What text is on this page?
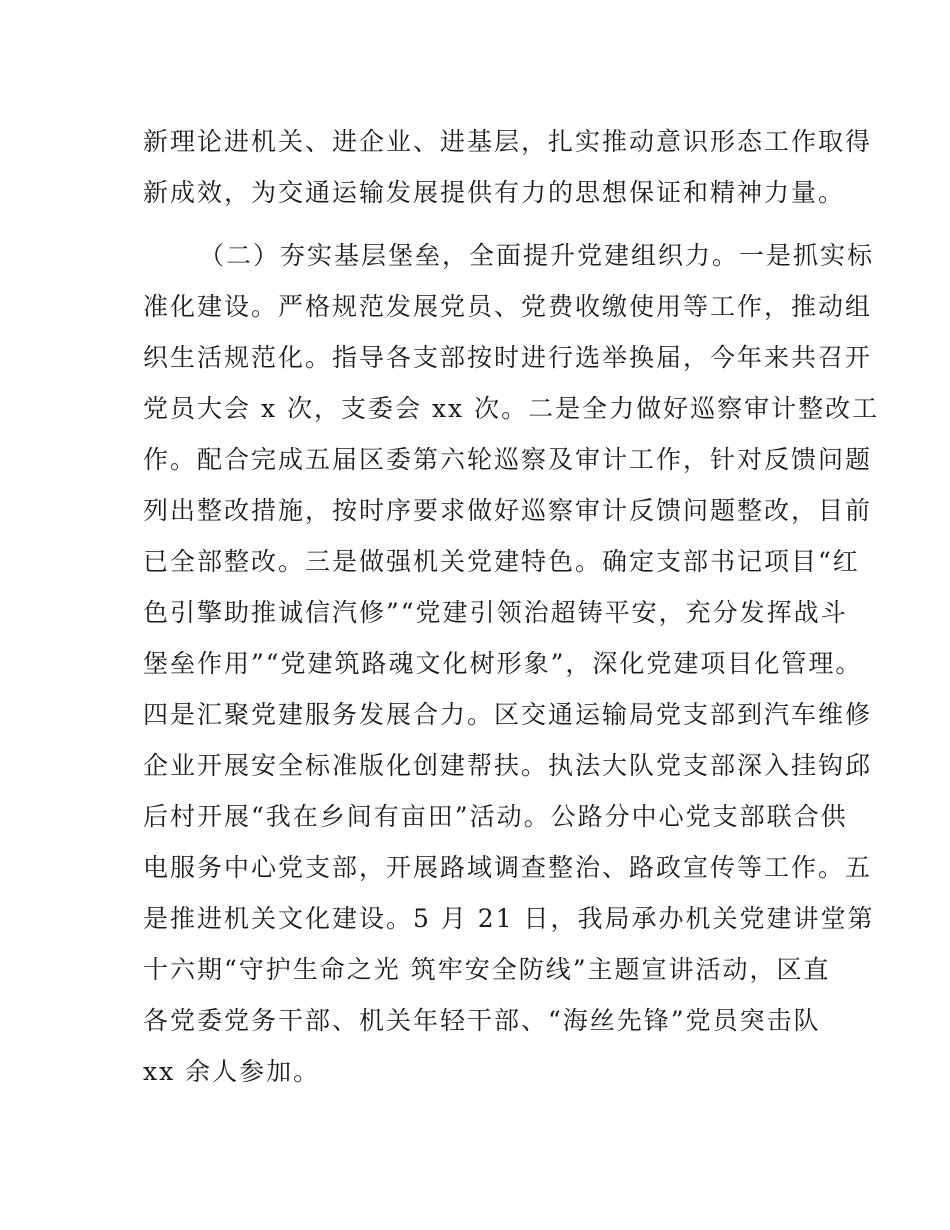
新理论进机关、进企业、进基层，扎实推动意识形态工作取得

新成效，为交通运输发展提供有力的思想保证和精神力量。

（二）夯实基层堡垒，全面提升党建组织力。一是抓实标

准化建设。严格规范发展党员、党费收缴使用等工作，推动组

织生活规范化。指导各支部按时进行选举换届，今年来共召开

党员大会 x 次，支委会 xx 次。二是全力做好巡察审计整改工

作。配合完成五届区委第六轮巡察及审计工作，针对反馈问题

列出整改措施，按时序要求做好巡察审计反馈问题整改，目前

已全部整改。三是做强机关党建特色。确定支部书记项目“红

色引擎助推诚信汽修”“党建引领治超铸平安，充分发挥战斗

堡垒作用”“党建筑路魂文化树形象”，深化党建项目化管理。

四是汇聚党建服务发展合力。区交通运输局党支部到汽车维修

企业开展安全标准版化创建帮扶。执法大队党支部深入挂钩邱

后村开展“我在乡间有亩田”活动。公路分中心党支部联合供

电服务中心党支部，开展路域调查整治、路政宣传等工作。五

是推进机关文化建设。5 月 21 日，我局承办机关党建讲堂第

十六期“守护生命之光 筑牢安全防线”主题宣讲活动，区直

各党委党务干部、机关年轻干部、“海丝先锋”党员突击队

xx 余人参加。
